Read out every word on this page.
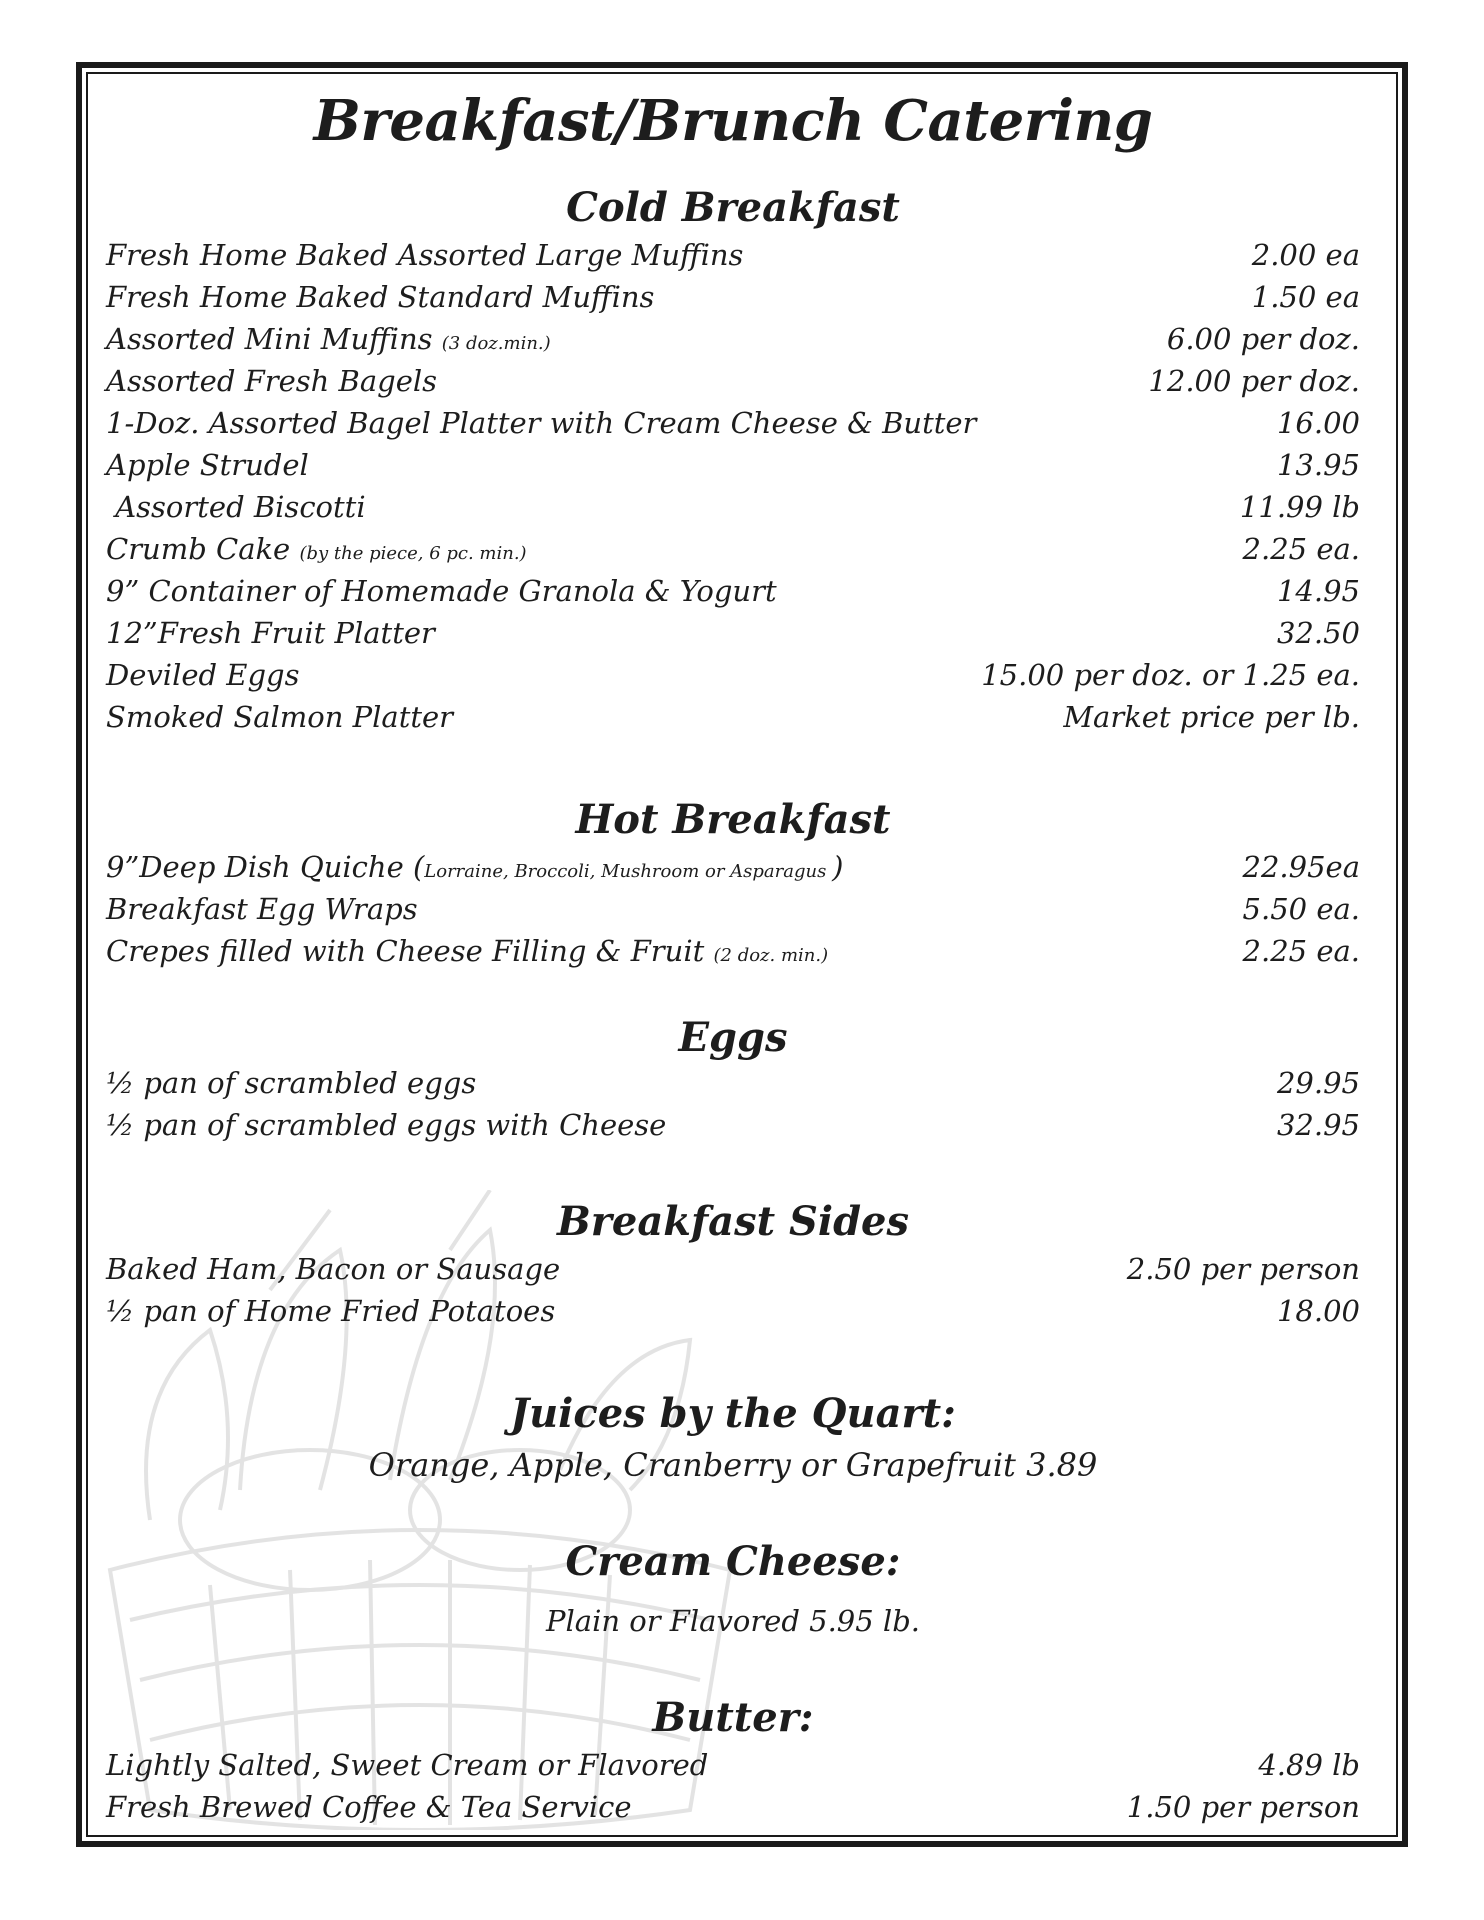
Breakfast/Brunch Catering
Cold Breakfast
Fresh Home Baked Assorted Large Muffins	2.00 ea
Fresh Home Baked Standard Muffins	1.50 ea
Assorted Mini Muffins (3 doz.min.)	6.00 per doz.
Assorted Fresh Bagels	12.00 per doz.
1-Doz. Assorted Bagel Platter with Cream Cheese & Butter	16.00
Apple Strudel	13.95
Assorted Biscotti	11.99 lb
Crumb Cake (by the piece, 6 pc. min.)	2.25 ea.
9” Container of Homemade Granola & Yogurt	14.95
12”Fresh Fruit Platter	32.50
Deviled Eggs	15.00 per doz. or 1.25 ea.
Smoked Salmon Platter	Market price per lb.
Hot Breakfast
9”Deep Dish Quiche (Lorraine, Broccoli, Mushroom or Asparagus )	22.95ea
Breakfast Egg Wraps	5.50 ea.
Crepes filled with Cheese Filling & Fruit (2 doz. min.)	2.25 ea.
Eggs
½ pan of scrambled eggs	29.95
½ pan of scrambled eggs with Cheese	32.95
Breakfast Sides
Baked Ham, Bacon or Sausage	2.50 per person
½ pan of Home Fried Potatoes	18.00
Juices by the Quart:
Orange, Apple, Cranberry or Grapefruit 3.89
Cream Cheese:
Plain or Flavored 5.95 lb.
Butter:
Lightly Salted, Sweet Cream or Flavored	4.89 lb
Fresh Brewed Coffee & Tea Service	1.50 per person
